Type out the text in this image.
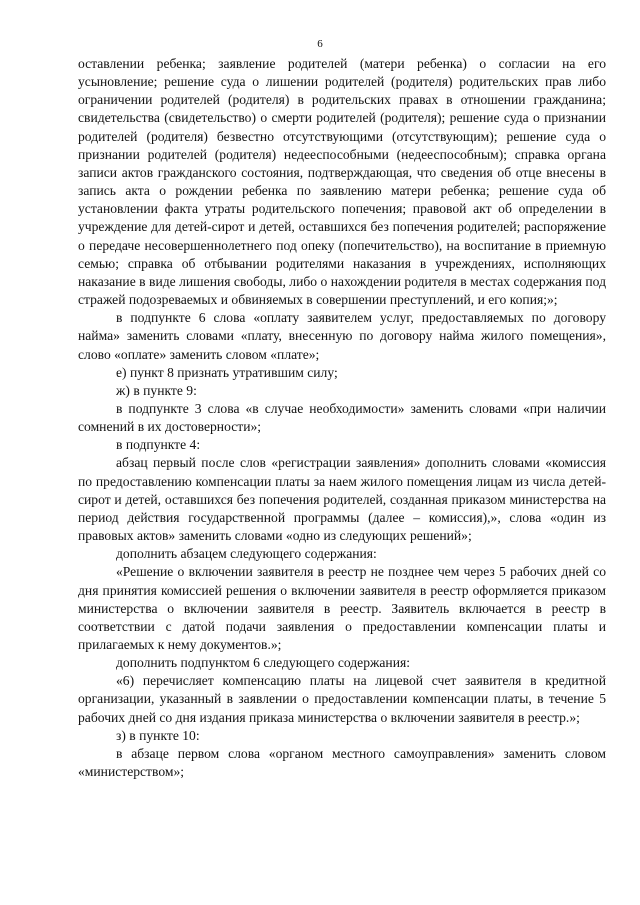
6

оставлении ребенка; заявление родителей (матери ребенка) о согласии на его усыновление; решение суда о лишении родителей (родителя) родительских прав либо ограничении родителей (родителя) в родительских правах в отношении гражданина; свидетельства (свидетельство) о смерти родителей (родителя); решение суда о признании родителей (родителя) безвестно отсутствующими (отсутствующим); решение суда о признании родителей (родителя) недееспособными (недееспособным); справка органа записи актов гражданского состояния, подтверждающая, что сведения об отце внесены в запись акта о рождении ребенка по заявлению матери ребенка; решение суда об установлении факта утраты родительского попечения; правовой акт об определении в учреждение для детей-сирот и детей, оставшихся без попечения родителей; распоряжение о передаче несовершеннолетнего под опеку (попечительство), на воспитание в приемную семью; справка об отбывании родителями наказания в учреждениях, исполняющих наказание в виде лишения свободы, либо о нахождении родителя в местах содержания под стражей подозреваемых и обвиняемых в совершении преступлений, и его копия;»;

в подпункте 6 слова «оплату заявителем услуг, предоставляемых по договору найма» заменить словами «плату, внесенную по договору найма жилого помещения», слово «оплате» заменить словом «плате»;

е) пункт 8 признать утратившим силу;

ж) в пункте 9:

в подпункте 3 слова «в случае необходимости» заменить словами «при наличии сомнений в их достоверности»;

в подпункте 4:

абзац первый после слов «регистрации заявления» дополнить словами «комиссия по предоставлению компенсации платы за наем жилого помещения лицам из числа детей-сирот и детей, оставшихся без попечения родителей, созданная приказом министерства на период действия государственной программы (далее – комиссия),», слова «один из правовых актов» заменить словами «одно из следующих решений»;

дополнить абзацем следующего содержания:

«Решение о включении заявителя в реестр не позднее чем через 5 рабочих дней со дня принятия комиссией решения о включении заявителя в реестр оформляется приказом министерства о включении заявителя в реестр. Заявитель включается в реестр в соответствии с датой подачи заявления о предоставлении компенсации платы и прилагаемых к нему документов.»;

дополнить подпунктом 6 следующего содержания:

«6) перечисляет компенсацию платы на лицевой счет заявителя в кредитной организации, указанный в заявлении о предоставлении компенсации платы, в течение 5 рабочих дней со дня издания приказа министерства о включении заявителя в реестр.»;

з) в пункте 10:

в абзаце первом слова «органом местного самоуправления» заменить словом «министерством»;
